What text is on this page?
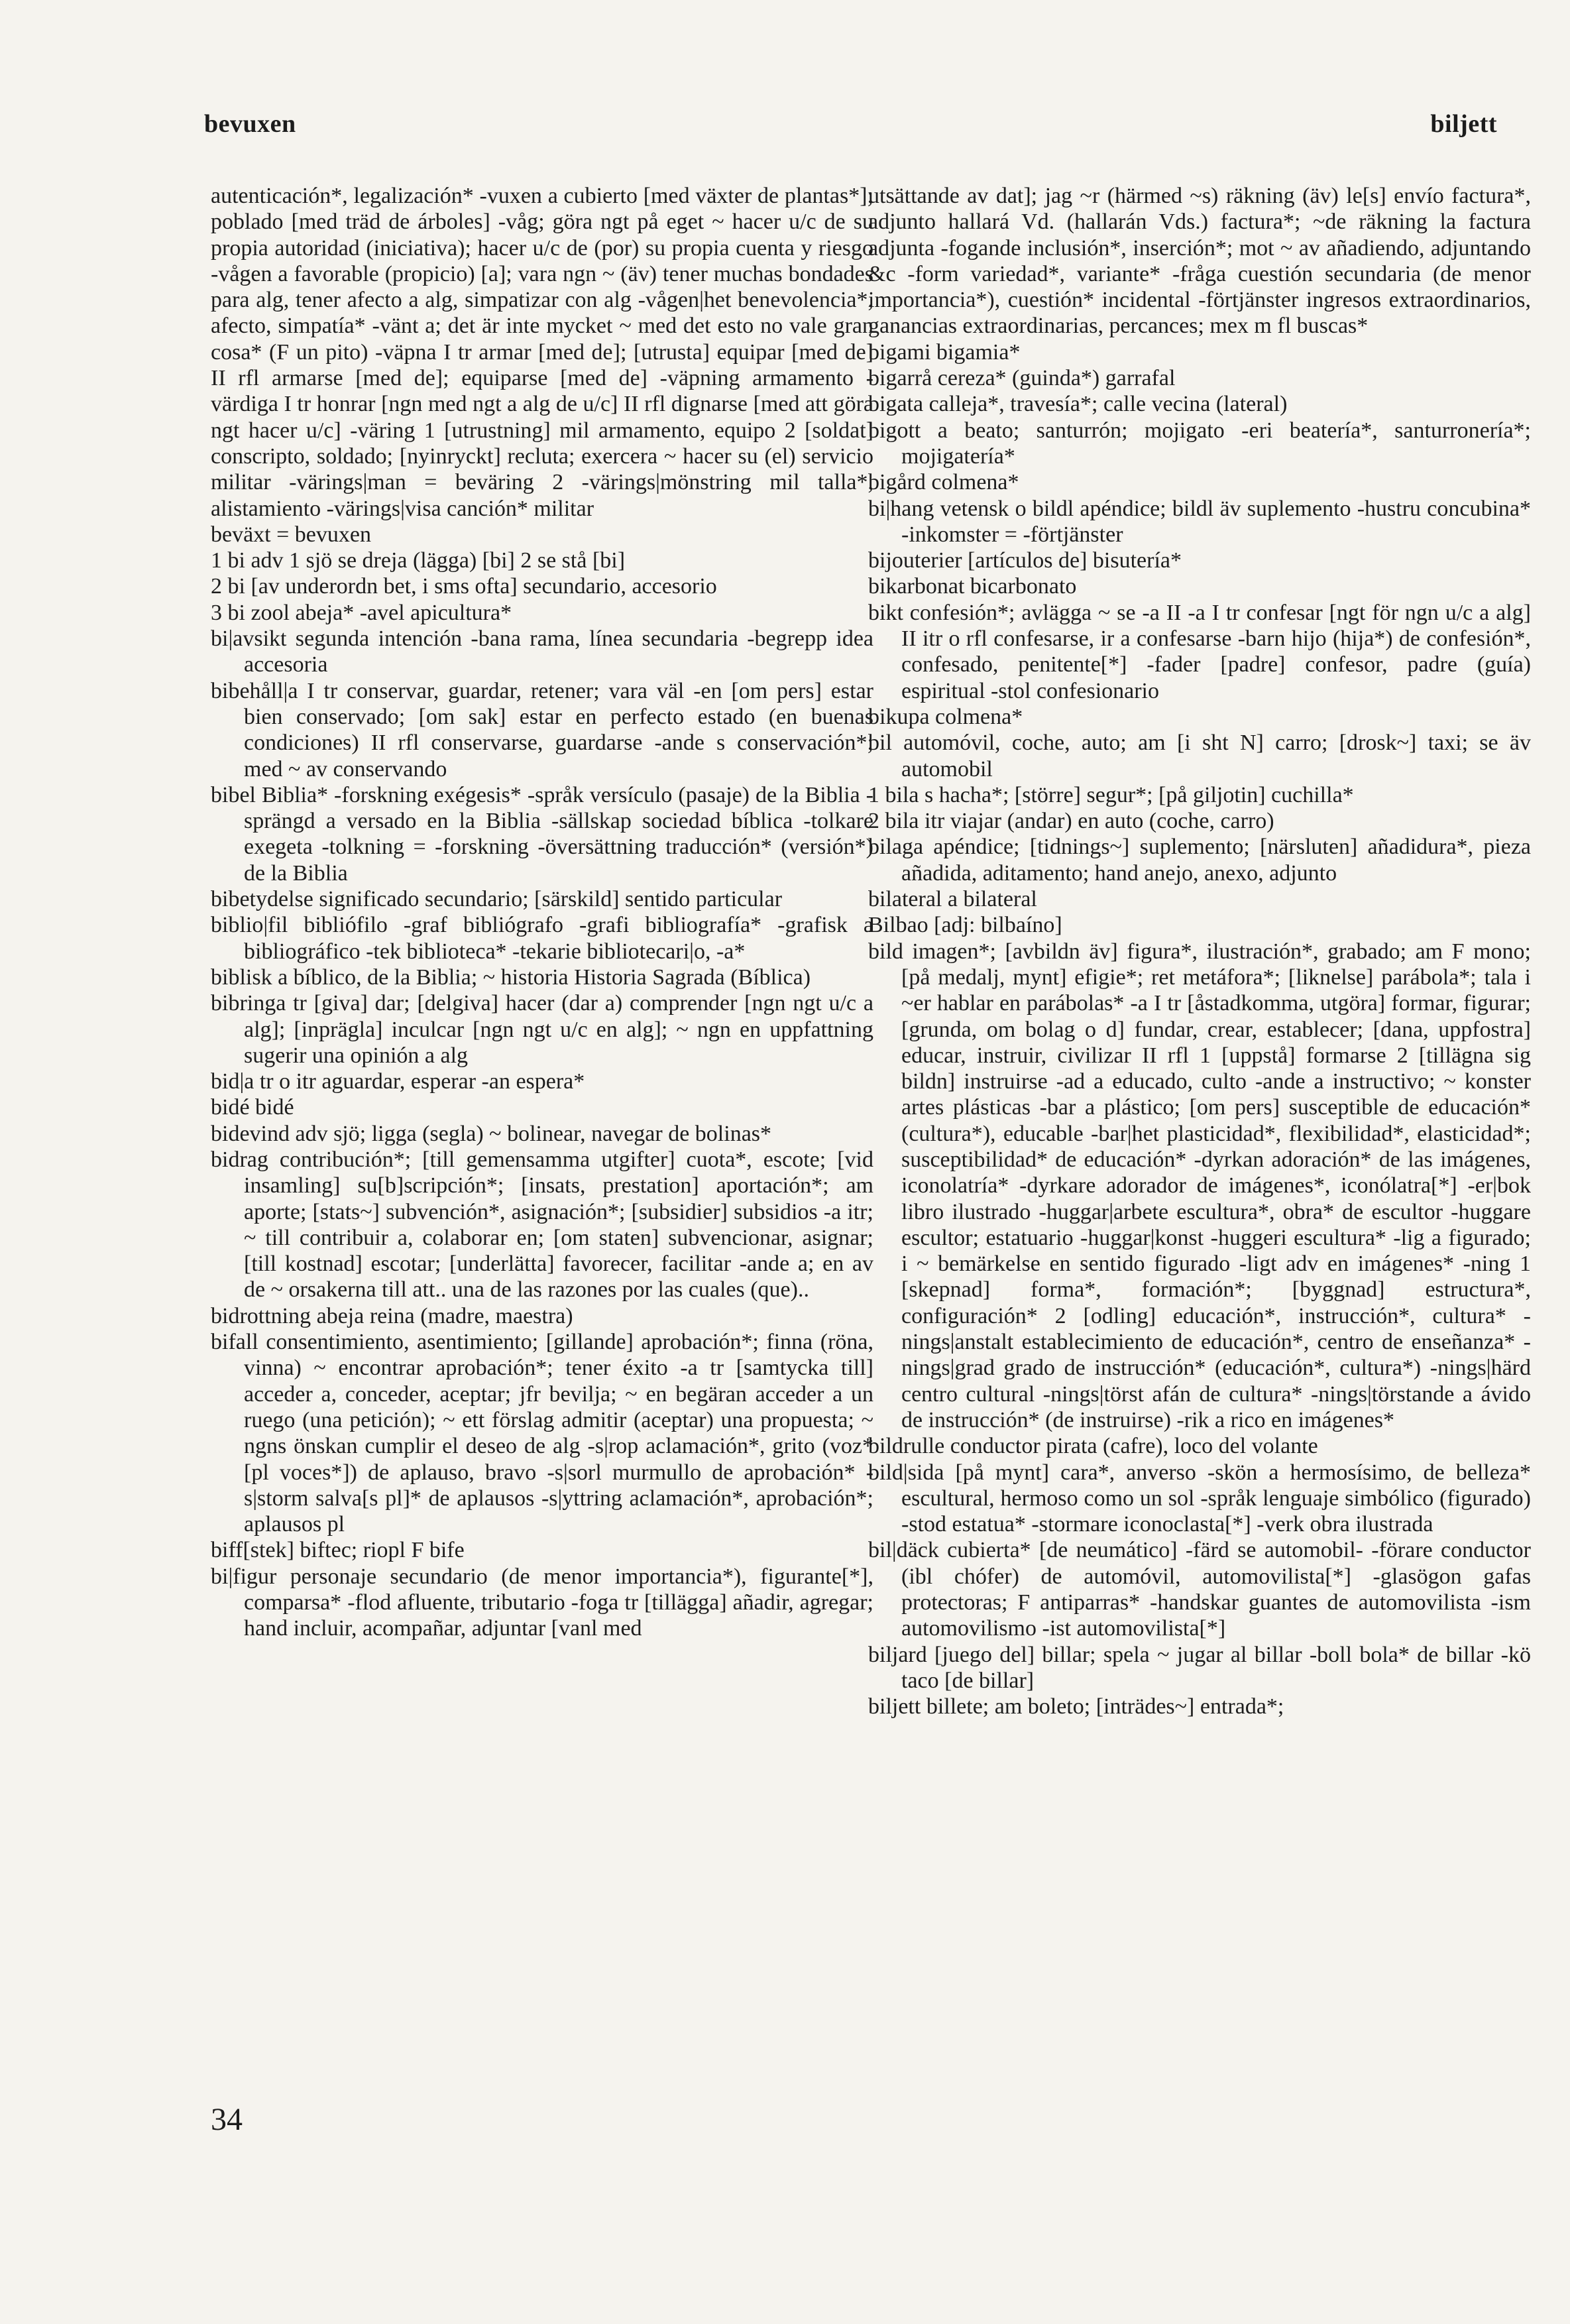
bevuxen	biljett

autenticación*, legalización* -vuxen a cubierto [med växter de plantas*]; poblado [med träd de árboles] -våg; göra ngt på eget ~ hacer u/c de su propia autoridad (iniciativa); hacer u/c de (por) su propia cuenta y riesgo -vågen a favorable (propicio) [a]; vara ngn ~ (äv) tener muchas bondades para alg, tener afecto a alg, simpatizar con alg -vågen|het benevolencia*, afecto, simpatía* -vänt a; det är inte mycket ~ med det esto no vale gran cosa* (F un pito) -väpna I tr armar [med de]; [utrusta] equipar [med de] II rfl armarse [med de]; equiparse [med de] -väpning armamento -värdiga I tr honrar [ngn med ngt a alg de u/c] II rfl dignarse [med att göra ngt hacer u/c] -väring 1 [utrustning] mil armamento, equipo 2 [soldat] conscripto, soldado; [nyinryckt] recluta; exercera ~ hacer su (el) servicio militar -värings|man = beväring 2 -värings|mönstring mil talla*, alistamiento -värings|visa canción* militar

beväxt = bevuxen

1 bi adv 1 sjö se dreja (lägga) [bi] 2 se stå [bi]

2 bi [av underordn bet, i sms ofta] secundario, accesorio

3 bi zool abeja* -avel apicultura*

bi|avsikt segunda intención -bana rama, línea secundaria -begrepp idea accesoria

bibehåll|a I tr conservar, guardar, retener; vara väl -en [om pers] estar bien conservado; [om sak] estar en perfecto estado (en buenas condiciones) II rfl conservarse, guardarse -ande s conservación*; med ~ av conservando

bibel Biblia* -forskning exégesis* -språk versículo (pasaje) de la Biblia -sprängd a versado en la Biblia -sällskap sociedad bíblica -tolkare exegeta -tolkning = -forskning -översättning traducción* (versión*) de la Biblia

bibetydelse significado secundario; [särskild] sentido particular

biblio|fil bibliófilo -graf bibliógrafo -grafi bibliografía* -grafisk a bibliográfico -tek biblioteca* -tekarie bibliotecari|o, -a*

biblisk a bíblico, de la Biblia; ~ historia Historia Sagrada (Bíblica)

bibringa tr [giva] dar; [delgiva] hacer (dar a) comprender [ngn ngt u/c a alg]; [inprägla] inculcar [ngn ngt u/c en alg]; ~ ngn en uppfattning sugerir una opinión a alg

bid|a tr o itr aguardar, esperar -an espera*

bidé bidé

bidevind adv sjö; ligga (segla) ~ bolinear, navegar de bolinas*

bidrag contribución*; [till gemensamma utgifter] cuota*, escote; [vid insamling] su[b]scripción*; [insats, prestation] aportación*; am aporte; [stats~] subvención*, asignación*; [subsidier] subsidios -a itr; ~ till contribuir a, colaborar en; [om staten] subvencionar, asignar; [till kostnad] escotar; [underlätta] favorecer, facilitar -ande a; en av de ~ orsakerna till att.. una de las razones por las cuales (que)..

bidrottning abeja reina (madre, maestra)

bifall consentimiento, asentimiento; [gillande] aprobación*; finna (röna, vinna) ~ encontrar aprobación*; tener éxito -a tr [samtycka till] acceder a, conceder, aceptar; jfr bevilja; ~ en begäran acceder a un ruego (una petición); ~ ett förslag admitir (aceptar) una propuesta; ~ ngns önskan cumplir el deseo de alg -s|rop aclamación*, grito (voz*[pl voces*]) de aplauso, bravo -s|sorl murmullo de aprobación* -s|storm salva[s pl]* de aplausos -s|yttring aclamación*, aprobación*; aplausos pl

biff[stek] biftec; riopl F bife

bi|figur personaje secundario (de menor importancia*), figurante[*], comparsa* -flod afluente, tributario -foga tr [tillägga] añadir, agregar; hand incluir, acompañar, adjuntar [vanl med

utsättande av dat]; jag ~r (härmed ~s) räkning (äv) le[s] envío factura*, adjunto hallará Vd. (hallarán Vds.) factura*; ~de räkning la factura adjunta -fogande inclusión*, inserción*; mot ~ av añadiendo, adjuntando &c -form variedad*, variante* -fråga cuestión secundaria (de menor importancia*), cuestión* incidental -förtjänster ingresos extraordinarios, ganancias extraordinarias, percances; mex m fl buscas*

bigami bigamia*

bigarrå cereza* (guinda*) garrafal

bigata calleja*, travesía*; calle vecina (lateral)

bigott a beato; santurrón; mojigato -eri beatería*, santurronería*; mojigatería*

bigård colmena*

bi|hang vetensk o bildl apéndice; bildl äv suplemento -hustru concubina* -inkomster = -förtjänster

bijouterier [artículos de] bisutería*

bikarbonat bicarbonato

bikt confesión*; avlägga ~ se -a II -a I tr confesar [ngt för ngn u/c a alg] II itr o rfl confesarse, ir a confesarse -barn hijo (hija*) de confesión*, confesado, penitente[*] -fader [padre] confesor, padre (guía) espiritual -stol confesionario

bikupa colmena*

bil automóvil, coche, auto; am [i sht N] carro; [drosk~] taxi; se äv automobil

1 bila s hacha*; [större] segur*; [på giljotin] cuchilla*

2 bila itr viajar (andar) en auto (coche, carro)

bilaga apéndice; [tidnings~] suplemento; [närsluten] añadidura*, pieza añadida, aditamento; hand anejo, anexo, adjunto

bilateral a bilateral

Bilbao [adj: bilbaíno]

bild imagen*; [avbildn äv] figura*, ilustración*, grabado; am F mono; [på medalj, mynt] efigie*; ret metáfora*; [liknelse] parábola*; tala i ~er hablar en parábolas* -a I tr [åstadkomma, utgöra] formar, figurar; [grunda, om bolag o d] fundar, crear, establecer; [dana, uppfostra] educar, instruir, civilizar II rfl 1 [uppstå] formarse 2 [tillägna sig bildn] instruirse -ad a educado, culto -ande a instructivo; ~ konster artes plásticas -bar a plástico; [om pers] susceptible de educación* (cultura*), educable -bar|het plasticidad*, flexibilidad*, elasticidad*; susceptibilidad* de educación* -dyrkan adoración* de las imágenes, iconolatría* -dyrkare adorador de imágenes*, iconólatra[*] -er|bok libro ilustrado -huggar|arbete escultura*, obra* de escultor -huggare escultor; estatuario -huggar|konst -huggeri escultura* -lig a figurado; i ~ bemärkelse en sentido figurado -ligt adv en imágenes* -ning 1 [skepnad] forma*, formación*; [byggnad] estructura*, configuración* 2 [odling] educación*, instrucción*, cultura* -nings|anstalt establecimiento de educación*, centro de enseñanza* -nings|grad grado de instrucción* (educación*, cultura*) -nings|härd centro cultural -nings|törst afán de cultura* -nings|törstande a ávido de instrucción* (de instruirse) -rik a rico en imágenes*

bildrulle conductor pirata (cafre), loco del volante

bild|sida [på mynt] cara*, anverso -skön a hermosísimo, de belleza* escultural, hermoso como un sol -språk lenguaje simbólico (figurado) -stod estatua* -stormare iconoclasta[*] -verk obra ilustrada

bil|däck cubierta* [de neumático] -färd se automobil- -förare conductor (ibl chófer) de automóvil, automovilista[*] -glasögon gafas protectoras; F antiparras* -handskar guantes de automovilista -ism automovilismo -ist automovilista[*]

biljard [juego del] billar; spela ~ jugar al billar -boll bola* de billar -kö taco [de billar]

biljett billete; am boleto; [inträdes~] entrada*;

34
